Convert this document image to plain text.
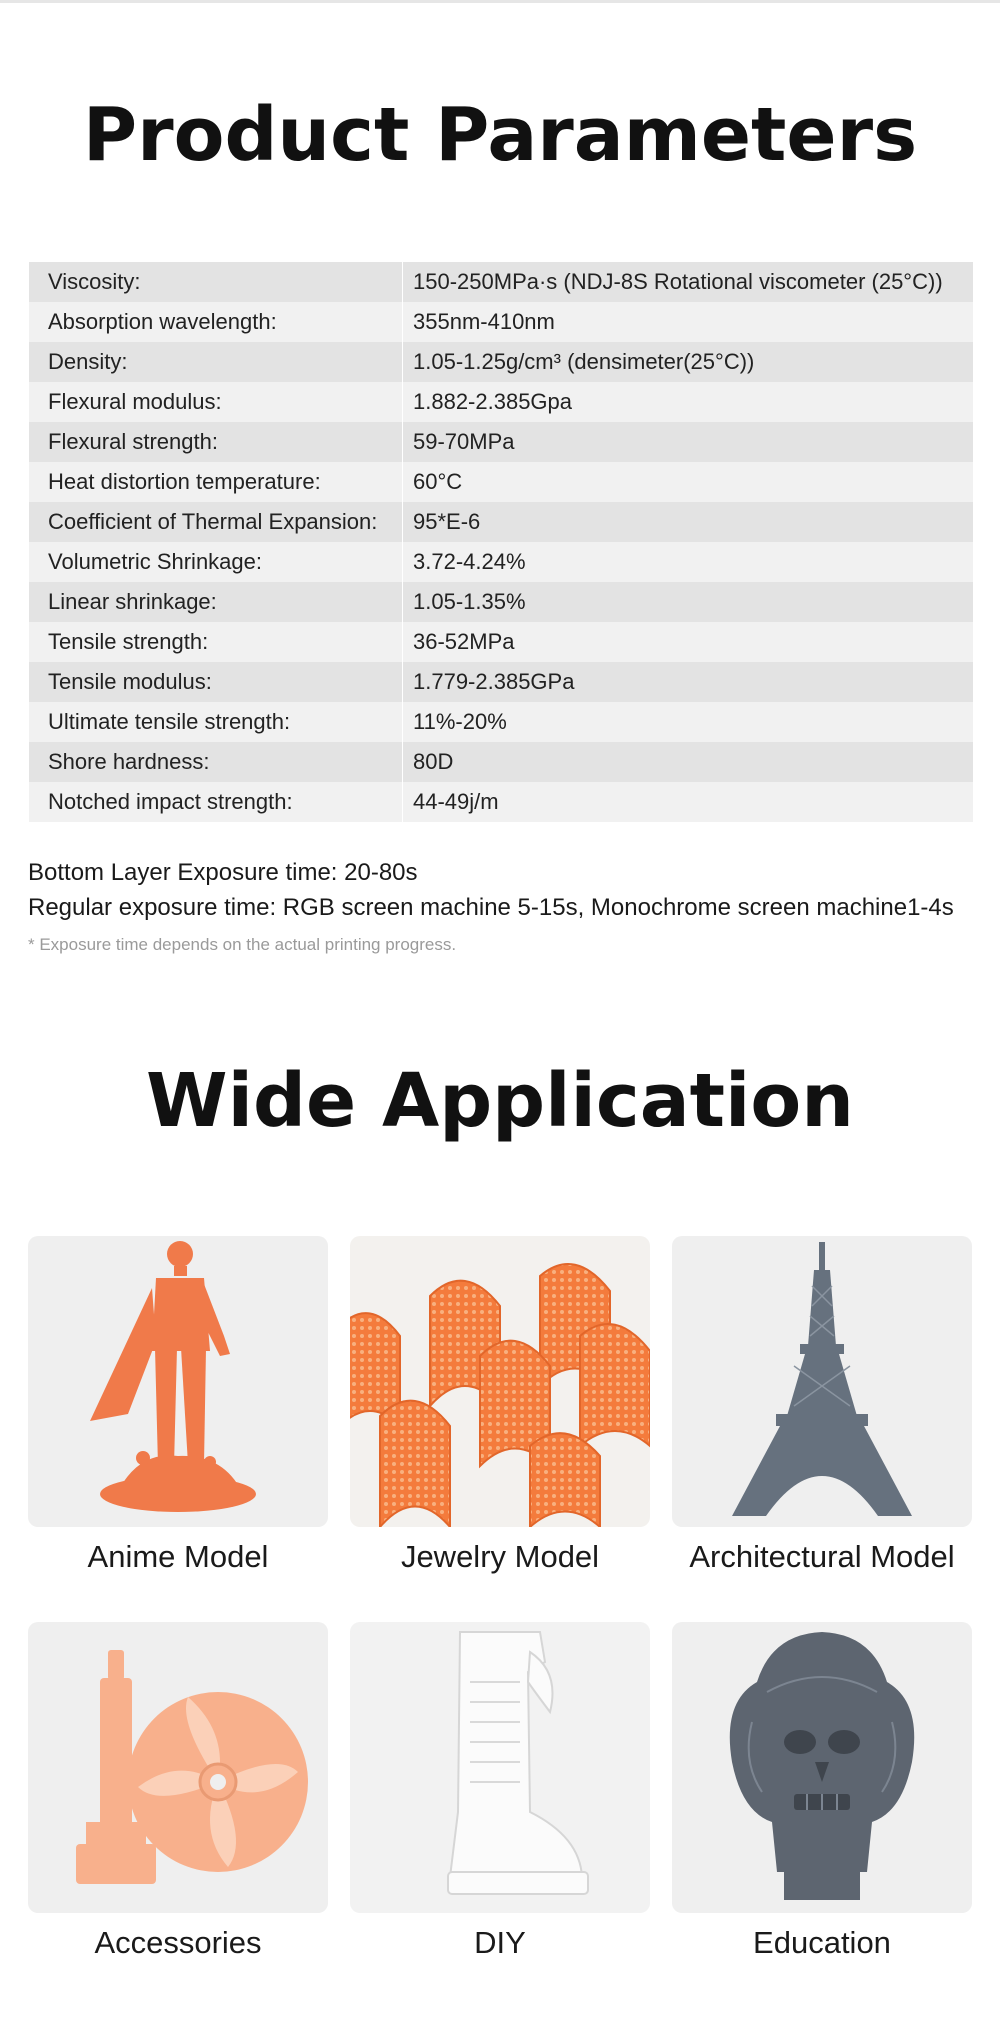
Product Parameters
Viscosity:	150-250MPa·s (NDJ-8S Rotational viscometer (25°C))
Absorption wavelength:	355nm-410nm
Density:	1.05-1.25g/cm³ (densimeter(25°C))
Flexural modulus:	1.882-2.385Gpa
Flexural strength:	59-70MPa
Heat distortion temperature:	60°C
Coefficient of Thermal Expansion:	95*E-6
Volumetric Shrinkage:	3.72-4.24%
Linear shrinkage:	1.05-1.35%
Tensile strength:	36-52MPa
Tensile modulus:	1.779-2.385GPa
Ultimate tensile strength:	11%-20%
Shore hardness:	80D
Notched impact strength:	44-49j/m
Bottom Layer Exposure time: 20-80s
Regular exposure time: RGB screen machine 5-15s, Monochrome screen machine1-4s
* Exposure time depends on the actual printing progress.
Wide Application
Anime Model	Jewelry Model	Architectural Model
Accessories	DIY	Education
